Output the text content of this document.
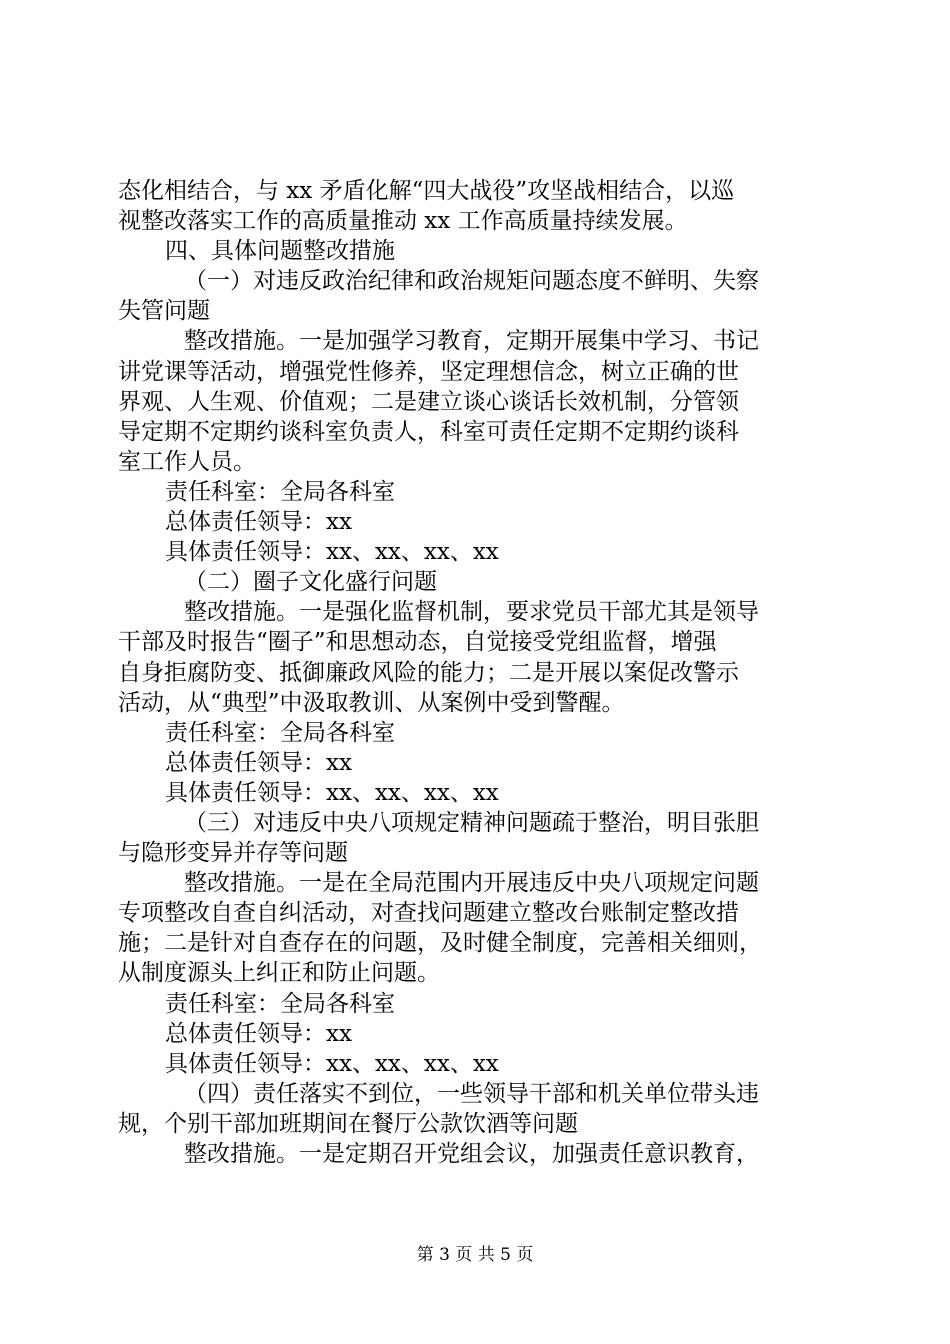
态化相结合，与 xx 矛盾化解“四大战役”攻坚战相结合，以巡
视整改落实工作的高质量推动 xx 工作高质量持续发展。
四、具体问题整改措施
（一）对违反政治纪律和政治规矩问题态度不鲜明、失察
失管问题
整改措施。一是加强学习教育，定期开展集中学习、书记
讲党课等活动，增强党性修养，坚定理想信念，树立正确的世
界观、人生观、价值观；二是建立谈心谈话长效机制，分管领
导定期不定期约谈科室负责人，科室可责任定期不定期约谈科
室工作人员。
责任科室：全局各科室
总体责任领导：xx
具体责任领导：xx、xx、xx、xx
（二）圈子文化盛行问题
整改措施。一是强化监督机制，要求党员干部尤其是领导
干部及时报告“圈子”和思想动态，自觉接受党组监督，增强
自身拒腐防变、抵御廉政风险的能力；二是开展以案促改警示
活动，从“典型”中汲取教训、从案例中受到警醒。
责任科室：全局各科室
总体责任领导：xx
具体责任领导：xx、xx、xx、xx
（三）对违反中央八项规定精神问题疏于整治，明目张胆
与隐形变异并存等问题
整改措施。一是在全局范围内开展违反中央八项规定问题
专项整改自查自纠活动，对查找问题建立整改台账制定整改措
施；二是针对自查存在的问题，及时健全制度，完善相关细则，
从制度源头上纠正和防止问题。
责任科室：全局各科室
总体责任领导：xx
具体责任领导：xx、xx、xx、xx
（四）责任落实不到位，一些领导干部和机关单位带头违
规，个别干部加班期间在餐厅公款饮酒等问题
整改措施。一是定期召开党组会议，加强责任意识教育，
第 3 页 共 5 页
